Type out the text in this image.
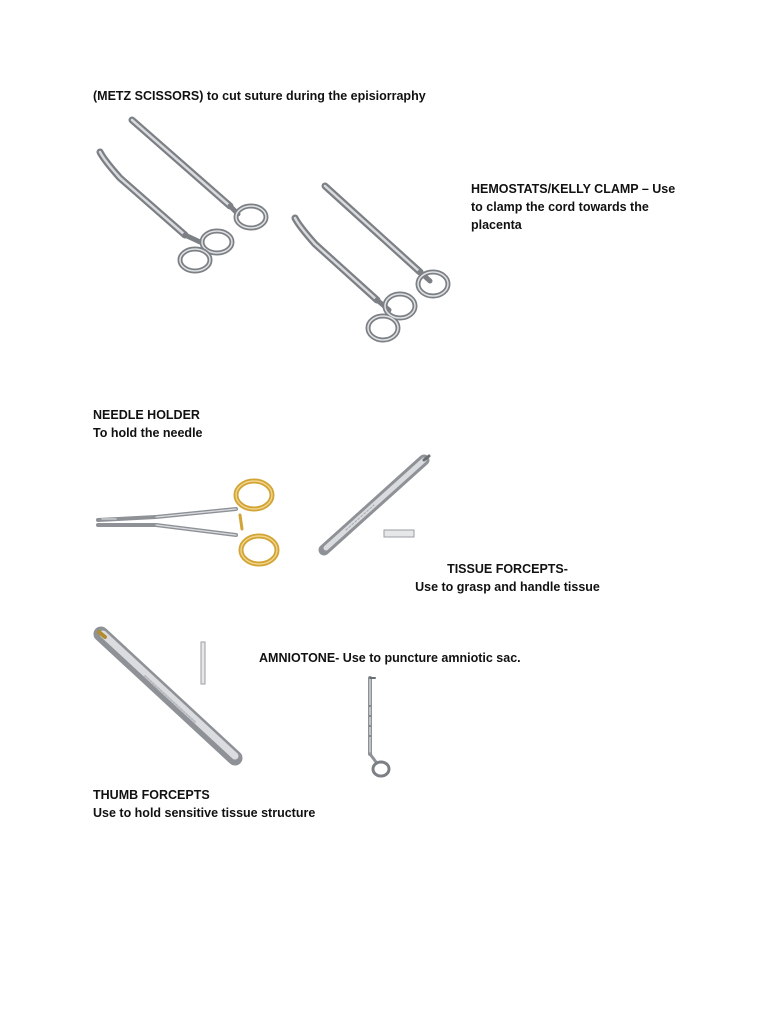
(METZ SCISSORS) to cut suture during the episiorraphy

HEMOSTATS/KELLY CLAMP – Use

to clamp the cord towards the

placenta

NEEDLE HOLDER

To hold the needle

TISSUE FORCEPTS-

Use to grasp and handle tissue

AMNIOTONE- Use to puncture amniotic sac.

THUMB FORCEPTS

Use to hold sensitive tissue structure
